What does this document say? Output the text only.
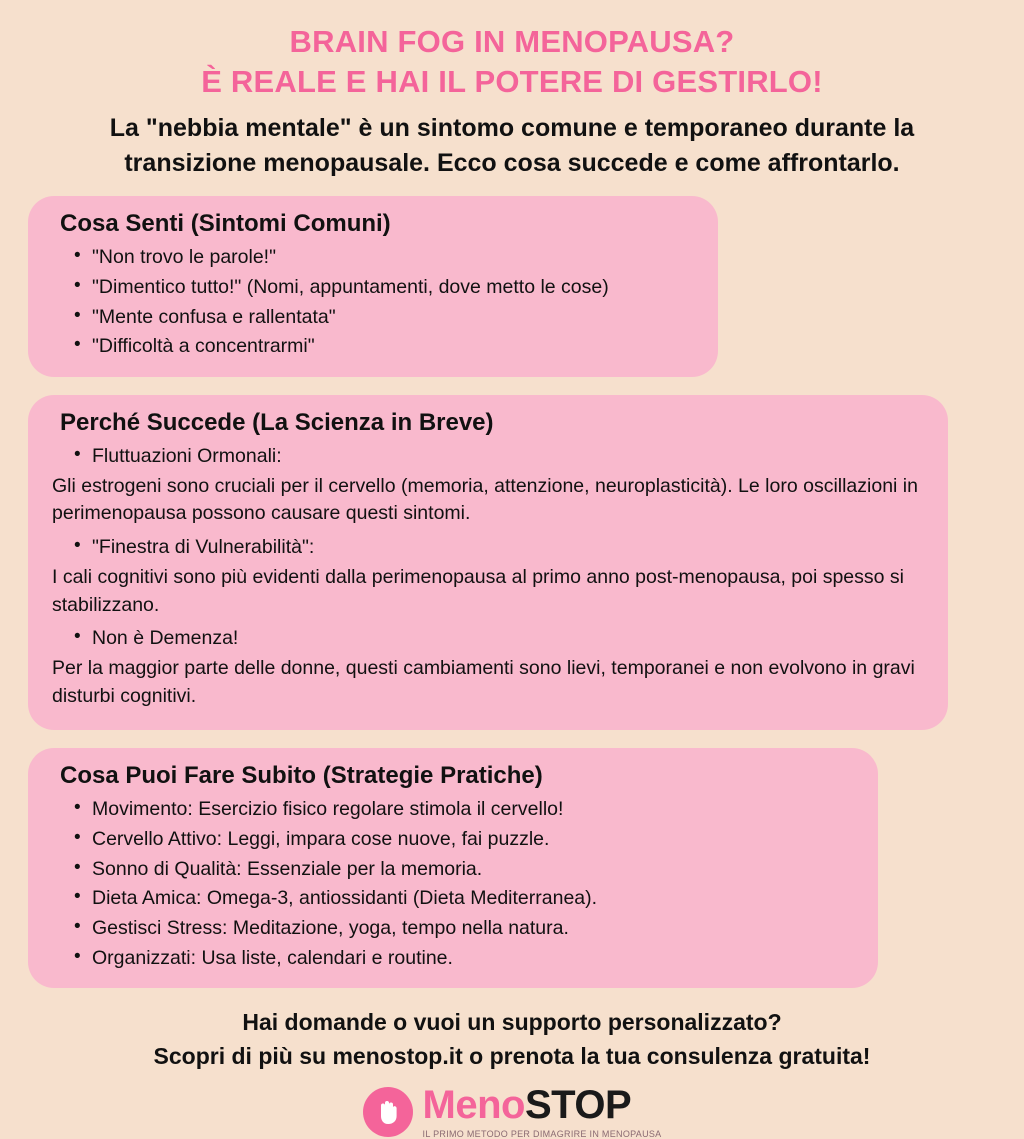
BRAIN FOG IN MENOPAUSA?
È REALE E HAI IL POTERE DI GESTIRLO!
La "nebbia mentale" è un sintomo comune e temporaneo durante la transizione menopausale. Ecco cosa succede e come affrontarlo.
Cosa Senti (Sintomi Comuni)
• "Non trovo le parole!"
• "Dimentico tutto!" (Nomi, appuntamenti, dove metto le cose)
• "Mente confusa e rallentata"
• "Difficoltà a concentrarmi"
Perché Succede (La Scienza in Breve)
• Fluttuazioni Ormonali:
Gli estrogeni sono cruciali per il cervello (memoria, attenzione, neuroplasticità). Le loro oscillazioni in perimenopausa possono causare questi sintomi.
• "Finestra di Vulnerabilità":
I cali cognitivi sono più evidenti dalla perimenopausa al primo anno post-menopausa, poi spesso si stabilizzano.
• Non è Demenza!
Per la maggior parte delle donne, questi cambiamenti sono lievi, temporanei e non evolvono in gravi disturbi cognitivi.
Cosa Puoi Fare Subito (Strategie Pratiche)
• Movimento: Esercizio fisico regolare stimola il cervello!
• Cervello Attivo: Leggi, impara cose nuove, fai puzzle.
• Sonno di Qualità: Essenziale per la memoria.
• Dieta Amica: Omega-3, antiossidanti (Dieta Mediterranea).
• Gestisci Stress: Meditazione, yoga, tempo nella natura.
• Organizzati: Usa liste, calendari e routine.
Hai domande o vuoi un supporto personalizzato?
Scopri di più su menostop.it o prenota la tua consulenza gratuita!
MenoSTOP
IL PRIMO METODO PER DIMAGRIRE IN MENOPAUSA
